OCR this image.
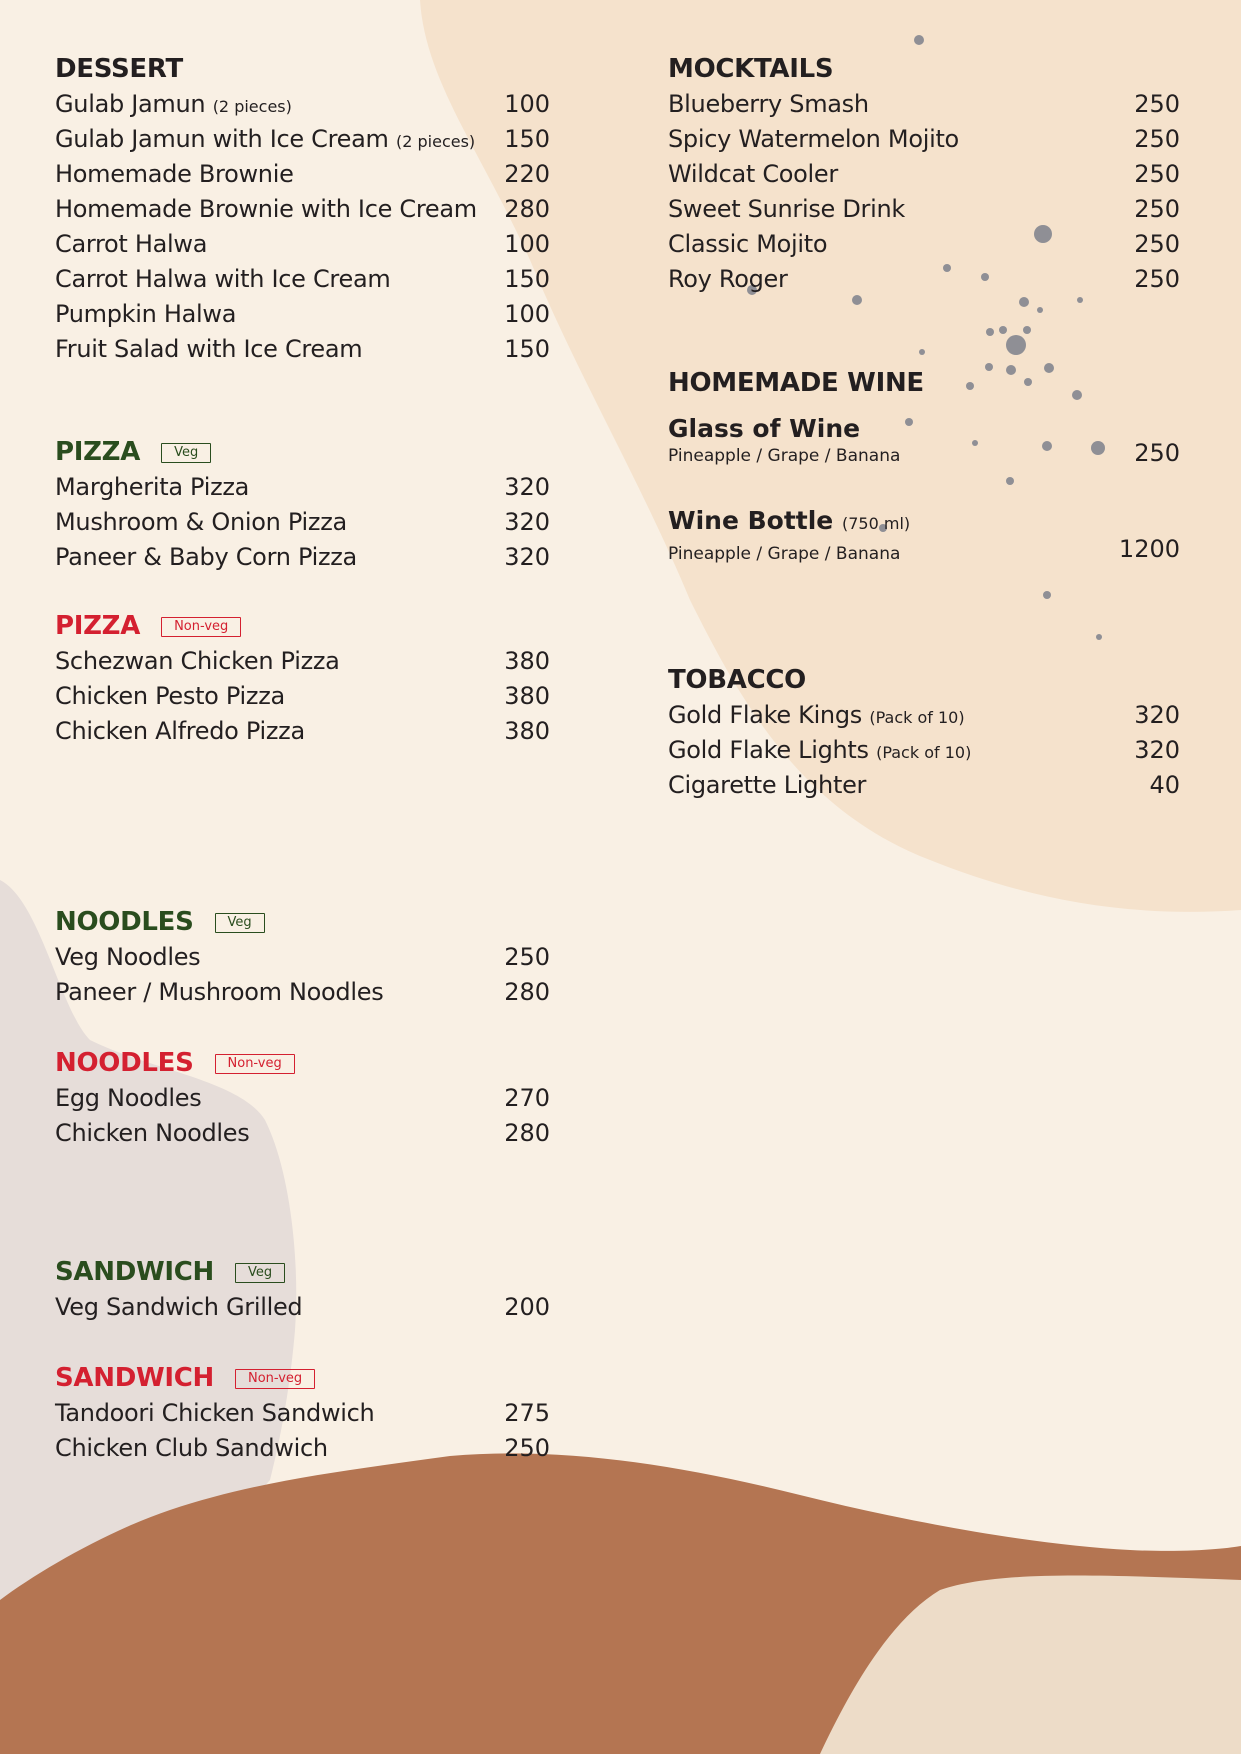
DESSERT
Gulab Jamun (2 pieces)	100
Gulab Jamun with Ice Cream (2 pieces) 150
Homemade Brownie	220
Homemade Brownie with Ice Cream 280
Carrot Halwa	100
Carrot Halwa with Ice Cream	150
Pumpkin Halwa	100
Fruit Salad with Ice Cream	150
PIZZA	Veg
Margherita Pizza	320
Mushroom & Onion Pizza	320
Paneer & Baby Corn Pizza	320
PIZZA	Non-veg
Schezwan Chicken Pizza	380
Chicken Pesto Pizza	380
Chicken Alfredo Pizza	380
NOODLES	Veg
Veg Noodles	250
Paneer / Mushroom Noodles	280
NOODLES	Non-veg
Egg Noodles	270
Chicken Noodles	280
SANDWICH	Veg
Veg Sandwich Grilled	200
SANDWICH	Non-veg
Tandoori Chicken Sandwich	275
Chicken Club Sandwich	250
MOCKTAILS
Blueberry Smash	250
Spicy Watermelon Mojito	250
Wildcat Cooler	250
Sweet Sunrise Drink	250
Classic Mojito	250
Roy Roger	250
HOMEMADE WINE
Glass of Wine
Pineapple / Grape / Banana	250
Wine Bottle (750 ml)
Pineapple / Grape / Banana	1200
TOBACCO
Gold Flake Kings (Pack of 10)	320
Gold Flake Lights (Pack of 10)	320
Cigarette Lighter	40
